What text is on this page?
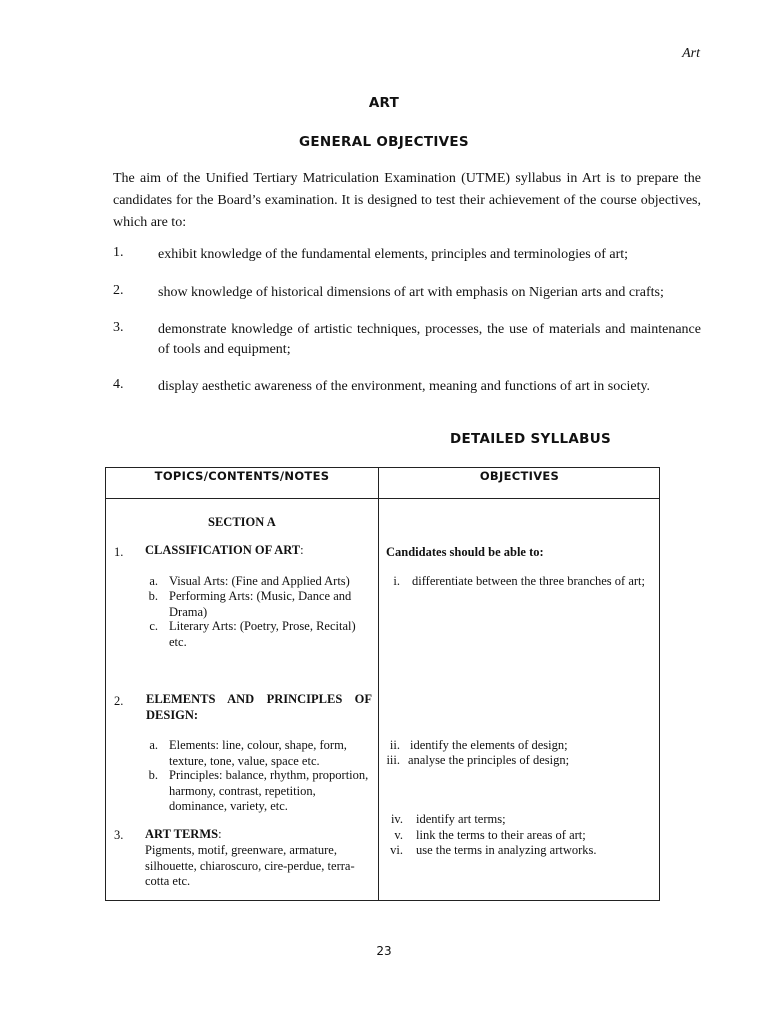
Art
ART
GENERAL OBJECTIVES

The aim of the Unified Tertiary Matriculation Examination (UTME) syllabus in Art is to prepare the candidates for the Board’s examination. It is designed to test their achievement of the course objectives, which are to:

1. exhibit knowledge of the fundamental elements, principles and terminologies of art;
2. show knowledge of historical dimensions of art with emphasis on Nigerian arts and crafts;
3. demonstrate knowledge of artistic techniques, processes, the use of materials and maintenance of tools and equipment;
4. display aesthetic awareness of the environment, meaning and functions of art in society.
DETAILED SYLLABUS
TOPICS/CONTENTS/NOTES	OBJECTIVES
SECTION A
1. CLASSIFICATION OF ART:
a. Visual Arts: (Fine and Applied Arts)
b. Performing Arts: (Music, Dance and Drama)
c. Literary Arts: (Poetry, Prose, Recital) etc.
2. ELEMENTS AND PRINCIPLES OF DESIGN:
a. Elements: line, colour, shape, form, texture, tone, value, space etc.
b. Principles: balance, rhythm, proportion, harmony, contrast, repetition, dominance, variety, etc.
3. ART TERMS:
Pigments, motif, greenware, armature, silhouette, chiaroscuro, cire-perdue, terra-cotta etc.
Candidates should be able to:
i. differentiate between the three branches of art;
ii. identify the elements of design;
iii. analyse the principles of design;
iv. identify art terms;
v. link the terms to their areas of art;
vi. use the terms in analyzing artworks.
23
